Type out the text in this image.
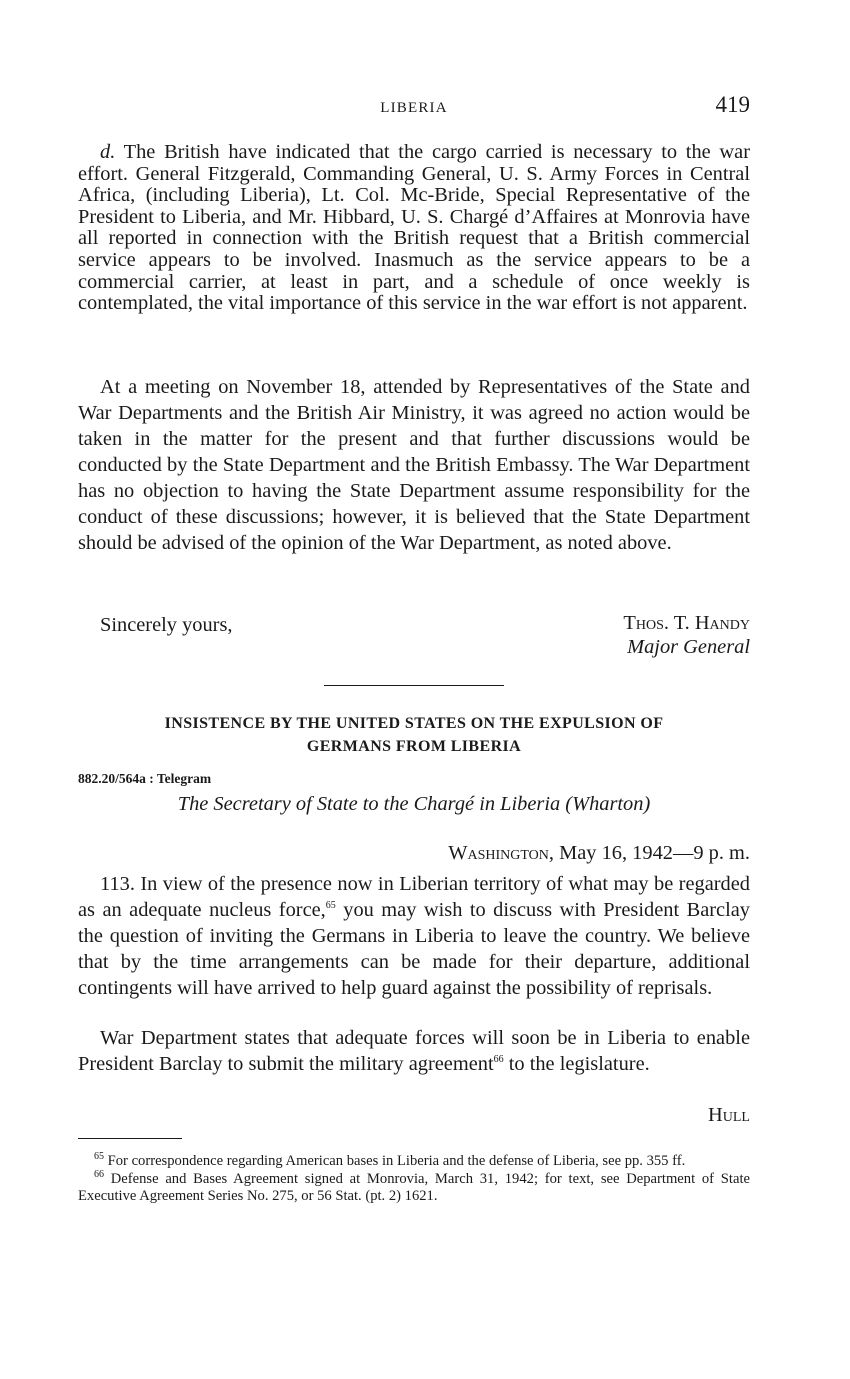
LIBERIA	419

d. The British have indicated that the cargo carried is necessary to the war effort. General Fitzgerald, Commanding General, U. S. Army Forces in Central Africa, (including Liberia), Lt. Col. Mc-Bride, Special Representative of the President to Liberia, and Mr. Hibbard, U. S. Chargé d’Affaires at Monrovia have all reported in connection with the British request that a British commercial service appears to be involved. Inasmuch as the service appears to be a commercial carrier, at least in part, and a schedule of once weekly is contemplated, the vital importance of this service in the war effort is not apparent.

At a meeting on November 18, attended by Representatives of the State and War Departments and the British Air Ministry, it was agreed no action would be taken in the matter for the present and that further discussions would be conducted by the State Department and the British Embassy. The War Department has no objection to having the State Department assume responsibility for the conduct of these discussions; however, it is believed that the State Department should be advised of the opinion of the War Department, as noted above.

Sincerely yours,	Thos. T. Handy
Major General
INSISTENCE BY THE UNITED STATES ON THE EXPULSION OF
GERMANS FROM LIBERIA
882.20/564a : Telegram
The Secretary of State to the Chargé in Liberia (Wharton)
Washington, May 16, 1942—9 p. m.

113. In view of the presence now in Liberian territory of what may be regarded as an adequate nucleus force,$^{65}$ you may wish to discuss with President Barclay the question of inviting the Germans in Liberia to leave the country. We believe that by the time arrangements can be made for their departure, additional contingents will have arrived to help guard against the possibility of reprisals.

War Department states that adequate forces will soon be in Liberia to enable President Barclay to submit the military agreement$^{66}$ to the legislature.

Hull

$^{65}$ For correspondence regarding American bases in Liberia and the defense of Liberia, see pp. 355 ff.

$^{66}$ Defense and Bases Agreement signed at Monrovia, March 31, 1942; for text, see Department of State Executive Agreement Series No. 275, or 56 Stat. (pt. 2) 1621.
